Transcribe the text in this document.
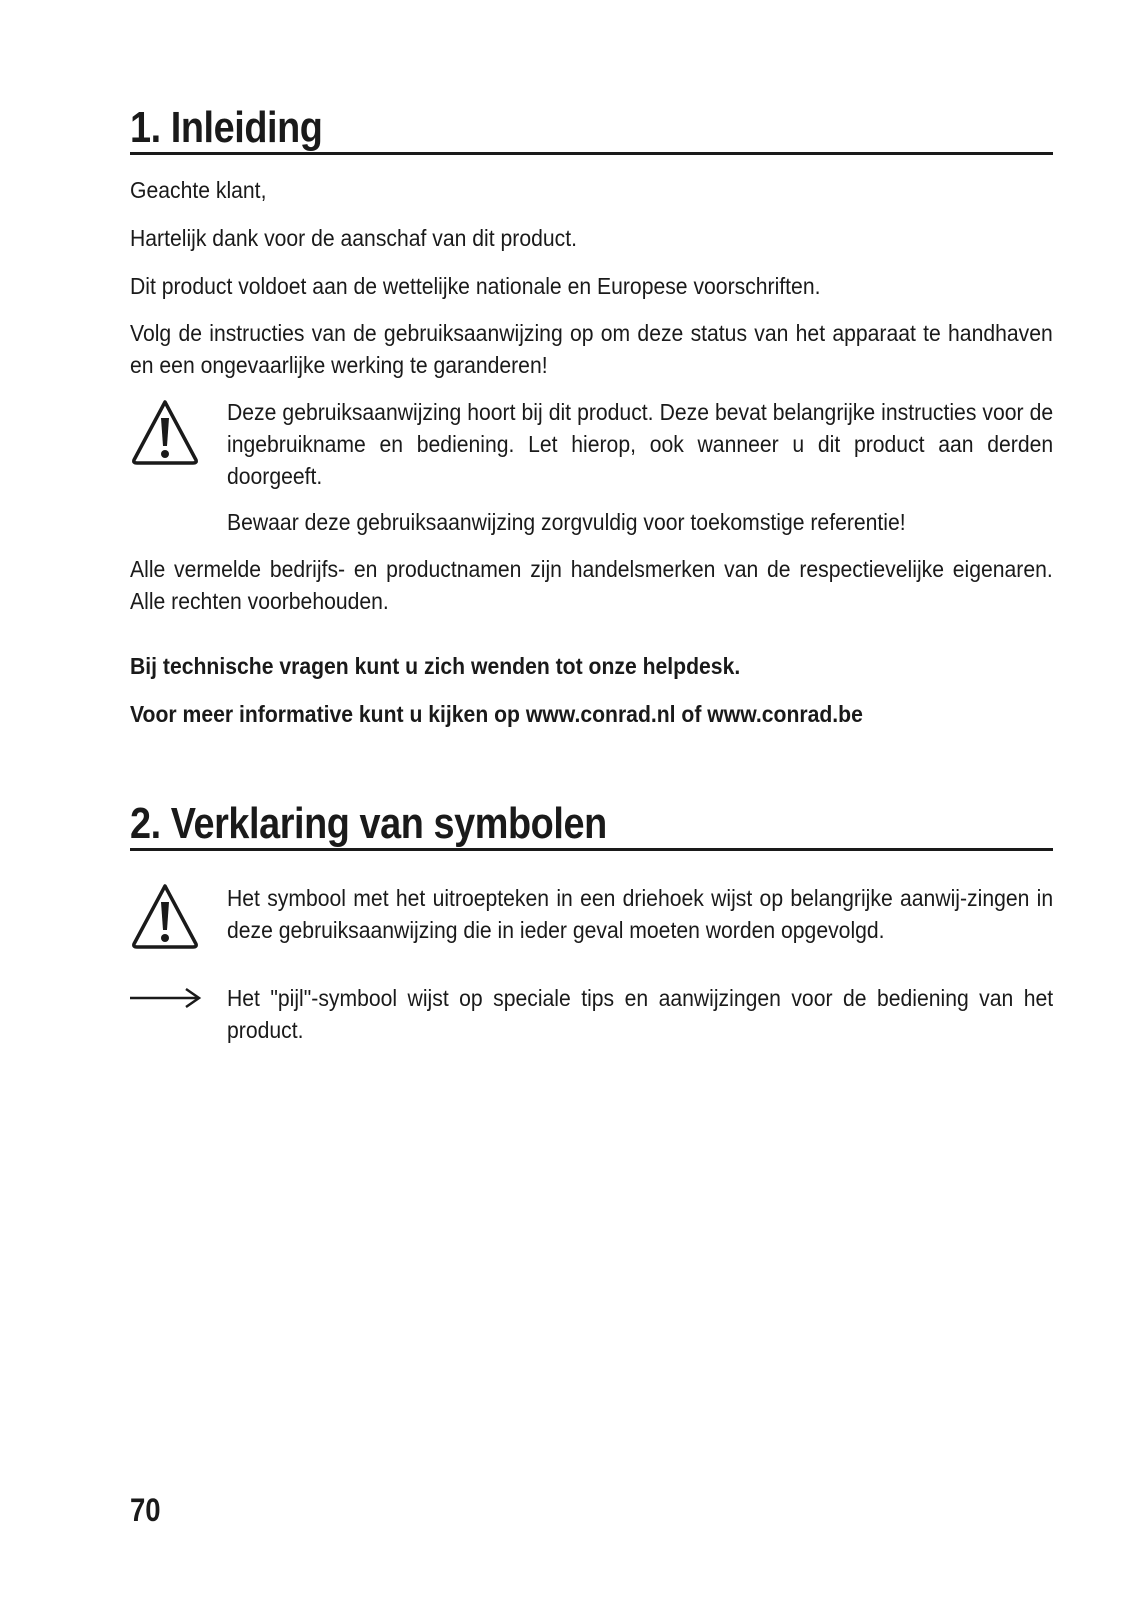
1. Inleiding

Geachte klant,

Hartelijk dank voor de aanschaf van dit product.

Dit product voldoet aan de wettelijke nationale en Europese voorschriften.

Volg de instructies van de gebruiksaanwijzing op om deze status van het apparaat te handhaven en een ongevaarlijke werking te garanderen!

Deze gebruiksaanwijzing hoort bij dit product. Deze bevat belangrijke instructies voor de ingebruikname en bediening. Let hierop, ook wanneer u dit product aan derden doorgeeft.

Bewaar deze gebruiksaanwijzing zorgvuldig voor toekomstige referentie!

Alle vermelde bedrijfs- en productnamen zijn handelsmerken van de respectievelijke eigenaren. Alle rechten voorbehouden.

Bij technische vragen kunt u zich wenden tot onze helpdesk.

Voor meer informative kunt u kijken op www.conrad.nl of www.conrad.be

2. Verklaring van symbolen

Het symbool met het uitroepteken in een driehoek wijst op belangrijke aanwij-zingen in deze gebruiksaanwijzing die in ieder geval moeten worden opgevolgd.

Het "pijl"-symbool wijst op speciale tips en aanwijzingen voor de bediening van het product.

70
